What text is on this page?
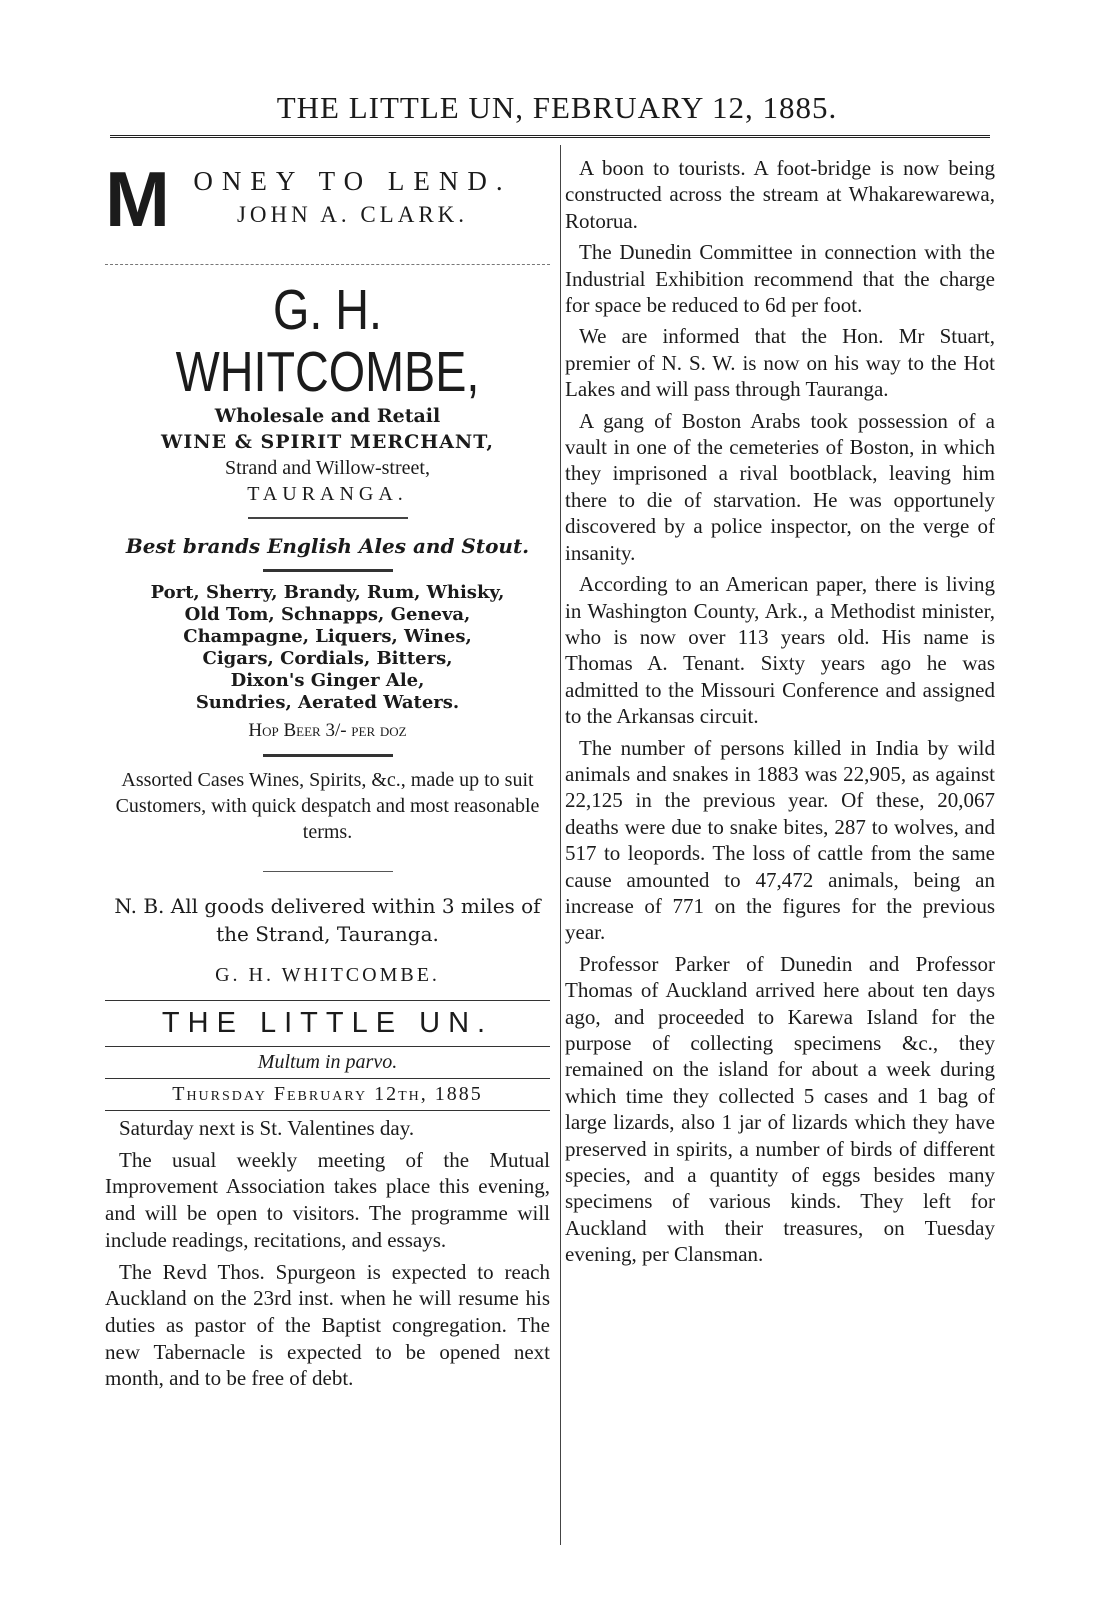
THE LITTLE UN, FEBRUARY 12, 1885.
M ONEY TO LEND.
JOHN A. CLARK.
G. H. WHITCOMBE,
Wholesale and Retail
WINE & SPIRIT MERCHANT,
Strand and Willow-street,
TAURANGA.
Best brands English Ales and Stout.
Port, Sherry, Brandy, Rum, Whisky,
Old Tom, Schnapps, Geneva,
Champagne, Liquers, Wines,
Cigars, Cordials, Bitters,
Dixon's Ginger Ale,
Sundries, Aerated Waters.
Hop Beer 3/- per doz
Assorted Cases Wines, Spirits, &c., made up to suit Customers, with quick despatch and most reasonable terms.
N. B. All goods delivered within 3 miles of the Strand, Tauranga.
G. H. WHITCOMBE.
THE LITTLE UN.
Multum in parvo.
Thursday February 12th, 1885

Saturday next is St. Valentines day.

The usual weekly meeting of the Mutual Improvement Association takes place this evening, and will be open to visitors. The programme will include readings, recitations, and essays.

The Revd Thos. Spurgeon is expected to reach Auckland on the 23rd inst. when he will resume his duties as pastor of the Baptist congregation. The new Tabernacle is expected to be opened next month, and to be free of debt.

A boon to tourists. A foot-bridge is now being constructed across the stream at Whakarewarewa, Rotorua.

The Dunedin Committee in connection with the Industrial Exhibition recommend that the charge for space be reduced to 6d per foot.

We are informed that the Hon. Mr Stuart, premier of N. S. W. is now on his way to the Hot Lakes and will pass through Tauranga.

A gang of Boston Arabs took possession of a vault in one of the cemeteries of Boston, in which they imprisoned a rival bootblack, leaving him there to die of starvation. He was opportunely discovered by a police inspector, on the verge of insanity.

According to an American paper, there is living in Washington County, Ark., a Methodist minister, who is now over 113 years old. His name is Thomas A. Tenant. Sixty years ago he was admitted to the Missouri Conference and assigned to the Arkansas circuit.

The number of persons killed in India by wild animals and snakes in 1883 was 22,905, as against 22,125 in the previous year. Of these, 20,067 deaths were due to snake bites, 287 to wolves, and 517 to leopords. The loss of cattle from the same cause amounted to 47,472 animals, being an increase of 771 on the figures for the previous year.

Professor Parker of Dunedin and Professor Thomas of Auckland arrived here about ten days ago, and proceeded to Karewa Island for the purpose of collecting specimens &c., they remained on the island for about a week during which time they collected 5 cases and 1 bag of large lizards, also 1 jar of lizards which they have preserved in spirits, a number of birds of different species, and a quantity of eggs besides many specimens of various kinds. They left for Auckland with their treasures, on Tuesday evening, per Clansman.
